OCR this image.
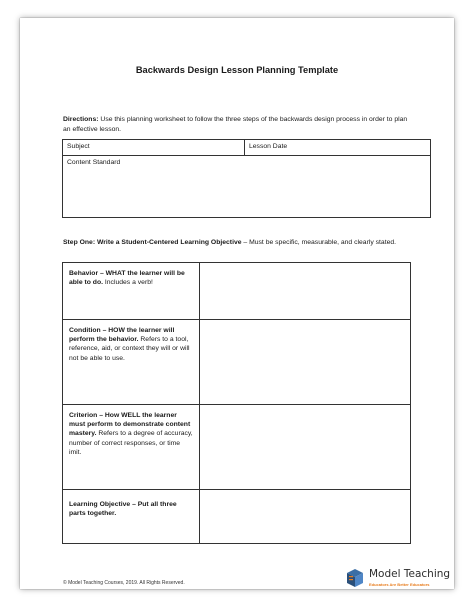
Backwards Design Lesson Planning Template
Directions: Use this planning worksheet to follow the three steps of the backwards design process in order to plan an effective lesson.
Subject	Lesson Date
Content Standard
Step One: Write a Student-Centered Learning Objective – Must be specific, measurable, and clearly stated.
Behavior – WHAT the learner will be able to do. Includes a verb!
Condition – HOW the learner will perform the behavior. Refers to a tool, reference, aid, or context they will or will not be able to use.
Criterion – How WELL the learner must perform to demonstrate content mastery. Refers to a degree of accuracy, number of correct responses, or time imit.
Learning Objective – Put all three parts together.
© Model Teaching Courses, 2019. All Rights Reserved.
Model Teaching
Educators Are Better Educators
